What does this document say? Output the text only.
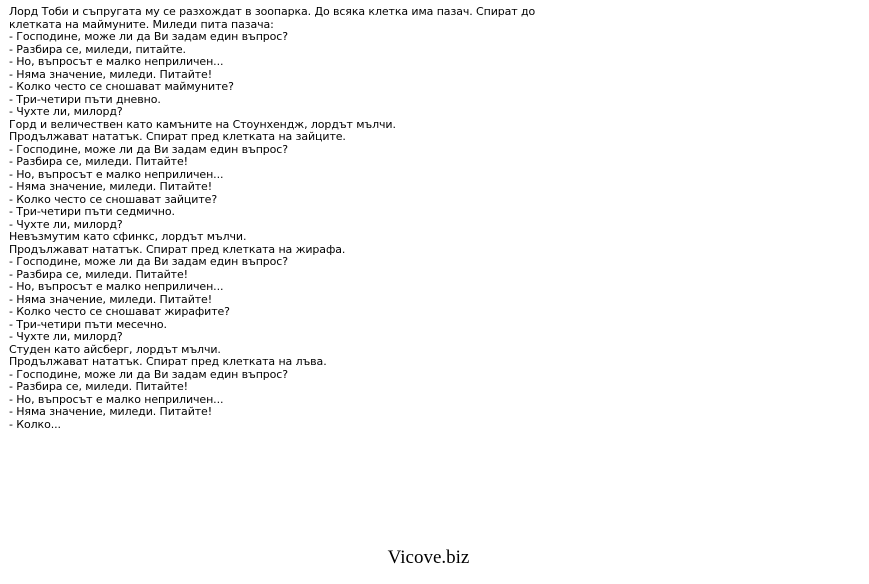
Лорд Тоби и съпругата му се разхождат в зоопарка. До всяка клетка има пазач. Спират до клетката на маймуните. Миледи пита пазача:
- Господине, може ли да Ви задам един въпрос?
- Разбира се, миледи, питайте.
- Но, въпросът е малко неприличен...
- Няма значение, миледи. Питайте!
- Колко често се сношават маймуните?
- Три-четири пъти дневно.
- Чухте ли, милорд?
Горд и величествен като камъните на Стоунхендж, лордът мълчи.
Продължават нататък. Спират пред клетката на зайците.
- Господине, може ли да Ви задам един въпрос?
- Разбира се, миледи. Питайте!
- Но, въпросът е малко неприличен...
- Няма значение, миледи. Питайте!
- Колко често се сношават зайците?
- Три-четири пъти седмично.
- Чухте ли, милорд?
Невъзмутим като сфинкс, лордът мълчи.
Продължават нататък. Спират пред клетката на жирафа.
- Господине, може ли да Ви задам един въпрос?
- Разбира се, миледи. Питайте!
- Но, въпросът е малко неприличен...
- Няма значение, миледи. Питайте!
- Колко често се сношават жирафите?
- Три-четири пъти месечно.
- Чухте ли, милорд?
Студен като айсберг, лордът мълчи.
Продължават нататък. Спират пред клетката на лъва.
- Господине, може ли да Ви задам един въпрос?
- Разбира се, миледи. Питайте!
- Но, въпросът е малко неприличен...
- Няма значение, миледи. Питайте!
- Колко...
Vicove.biz
